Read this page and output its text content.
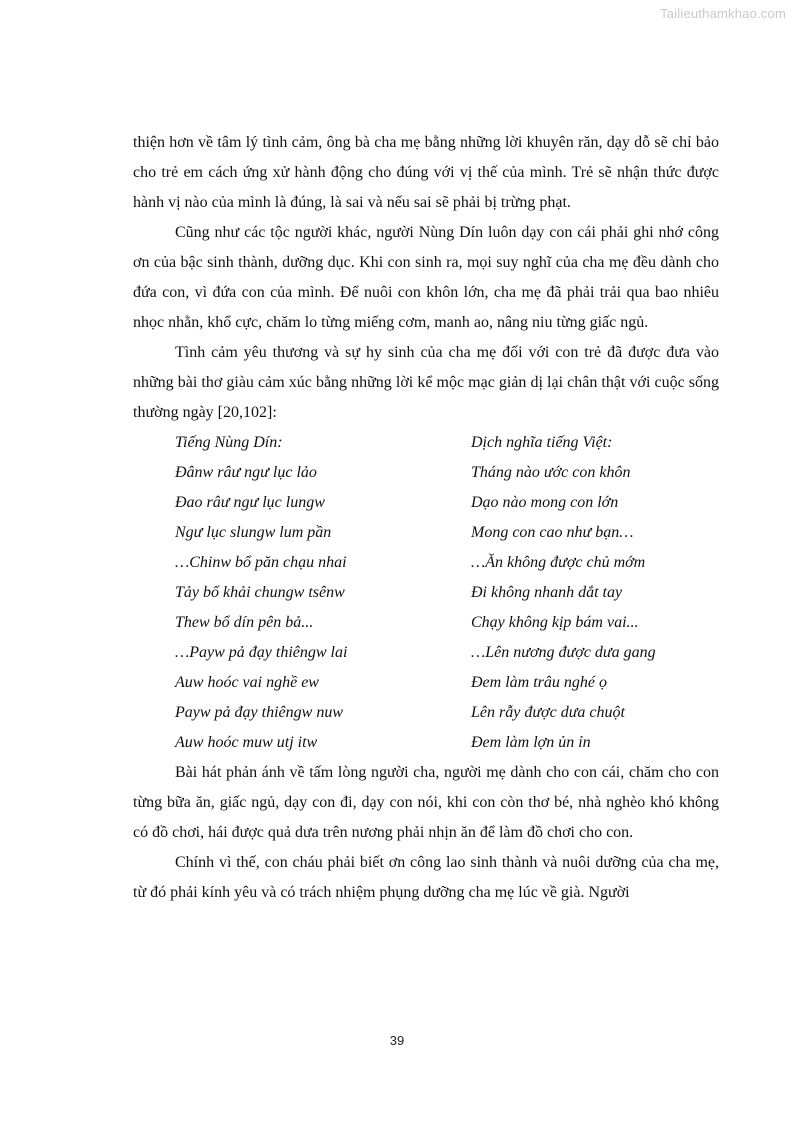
Tailieuthamkhao.com

thiện hơn về tâm lý tình cảm, ông bà cha mẹ bằng những lời khuyên răn, dạy dỗ sẽ chỉ bảo cho trẻ em cách ứng xử hành động cho đúng với vị thế của mình. Trẻ sẽ nhận thức được hành vị nào của mình là đúng, là sai và nếu sai sẽ phải bị trừng phạt.

Cũng như các tộc người khác, người Nùng Dín luôn dạy con cái phải ghi nhớ công ơn của bậc sinh thành, dưỡng dục. Khi con sinh ra, mọi suy nghĩ của cha mẹ đều dành cho đứa con, vì đứa con của mình. Để nuôi con khôn lớn, cha mẹ đã phải trải qua bao nhiêu nhọc nhằn, khổ cực, chăm lo từng miếng cơm, manh ao, nâng niu từng giấc ngủ.

Tình cảm yêu thương và sự hy sinh của cha mẹ đối với con trẻ đã được đưa vào những bài thơ giàu cảm xúc bằng những lời kể mộc mạc giản dị lại chân thật với cuộc sống thường ngày [20,102]:

Tiếng Nùng Dín:	Dịch nghĩa tiếng Việt:
Đânw râư ngư lục lảo	Tháng nào ước con khôn
Đao râư ngư lục lungw	Dạo nào mong con lớn
Ngư lục slungw lum pần	Mong con cao như bạn…
…Chinw bổ păn chạu nhai	…Ăn không được chủ mớm
Tảy bổ khải chungw tsênw	Đi không nhanh dắt tay
Thew bổ dín pên bả...	Chạy không kịp bám vai...
…Payw pả đạy thiêngw lai	…Lên nương được dưa gang
Auw hoóc vai nghề ew	Đem làm trâu nghé ọ
Payw pả đạy thiêngw nuw	Lên rẫy được dưa chuột
Auw hoóc muw utj itw	Đem làm lợn ủn ỉn

Bài hát phản ánh về tấm lòng người cha, người mẹ dành cho con cái, chăm cho con từng bữa ăn, giấc ngủ, dạy con đi, dạy con nói, khi con còn thơ bé, nhà nghèo khó không có đồ chơi, hái được quả dưa trên nương phải nhịn ăn để làm đồ chơi cho con.

Chính vì thế, con cháu phải biết ơn công lao sinh thành và nuôi dưỡng của cha mẹ, từ đó phải kính yêu và có trách nhiệm phụng dưỡng cha mẹ lúc về già. Người

39
